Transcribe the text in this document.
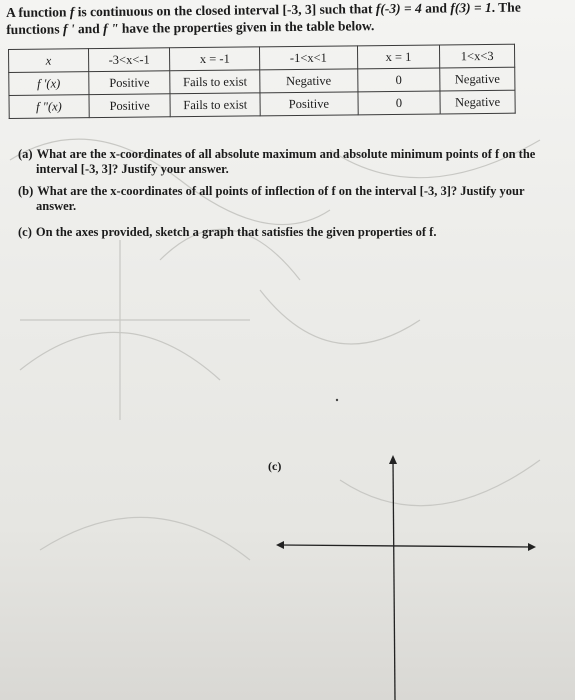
A function f is continuous on the closed interval [-3, 3] such that f(-3) = 4 and f(3) = 1. The
functions f ' and f " have the properties given in the table below.
x	-3<x<-1	x = -1	-1<x<1	x = 1	1<x<3
f '(x)	Positive	Fails to exist	Negative	0	Negative
f "(x)	Positive	Fails to exist	Positive	0	Negative
(a) What are the x-coordinates of all absolute maximum and absolute minimum points of f on the
interval [-3, 3]? Justify your answer.
(b) What are the x-coordinates of all points of inflection of f on the interval [-3, 3]? Justify your
answer.
(c) On the axes provided, sketch a graph that satisfies the given properties of f.
(c)
